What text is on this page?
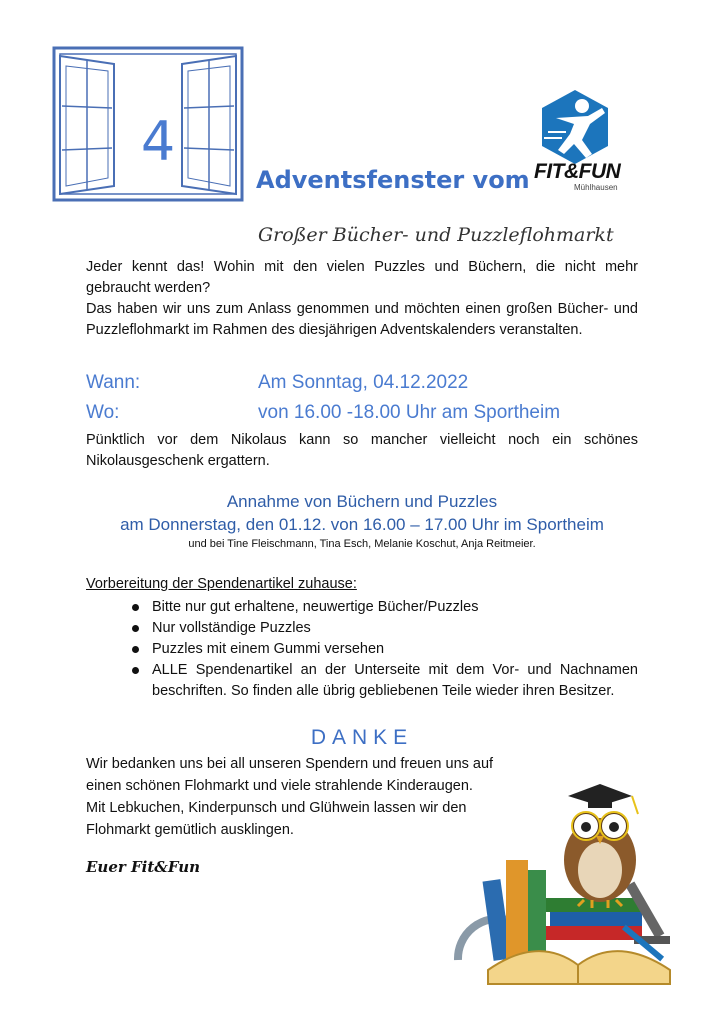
4
Adventsfenster vom FIT&FUN
Mühlhausen
Großer Bücher- und Puzzleflohmarkt

Jeder kennt das! Wohin mit den vielen Puzzles und Büchern, die nicht mehr gebraucht werden?

Das haben wir uns zum Anlass genommen und möchten einen großen Bücher- und Puzzleflohmarkt im Rahmen des diesjährigen Adventskalenders veranstalten.

Wann:	Am Sonntag, 04.12.2022
Wo:	von 16.00 -18.00 Uhr am Sportheim
Pünktlich vor dem Nikolaus kann so mancher vielleicht noch ein schönes Nikolausgeschenk ergattern.
Annahme von Büchern und Puzzles
am Donnerstag, den 01.12. von 16.00 – 17.00 Uhr im Sportheim
und bei Tine Fleischmann, Tina Esch, Melanie Koschut, Anja Reitmeier.
Vorbereitung der Spendenartikel zuhause:
Bitte nur gut erhaltene, neuwertige Bücher/Puzzles
Nur vollständige Puzzles
Puzzles mit einem Gummi versehen
ALLE Spendenartikel an der Unterseite mit dem Vor- und Nachnamen beschriften. So finden alle übrig gebliebenen Teile wieder ihren Besitzer.
DANKE

Wir bedanken uns bei all unseren Spendern und freuen uns auf

einen schönen Flohmarkt und viele strahlende Kinderaugen.

Mit Lebkuchen, Kinderpunsch und Glühwein lassen wir den

Flohmarkt gemütlich ausklingen.

Euer Fit&Fun
